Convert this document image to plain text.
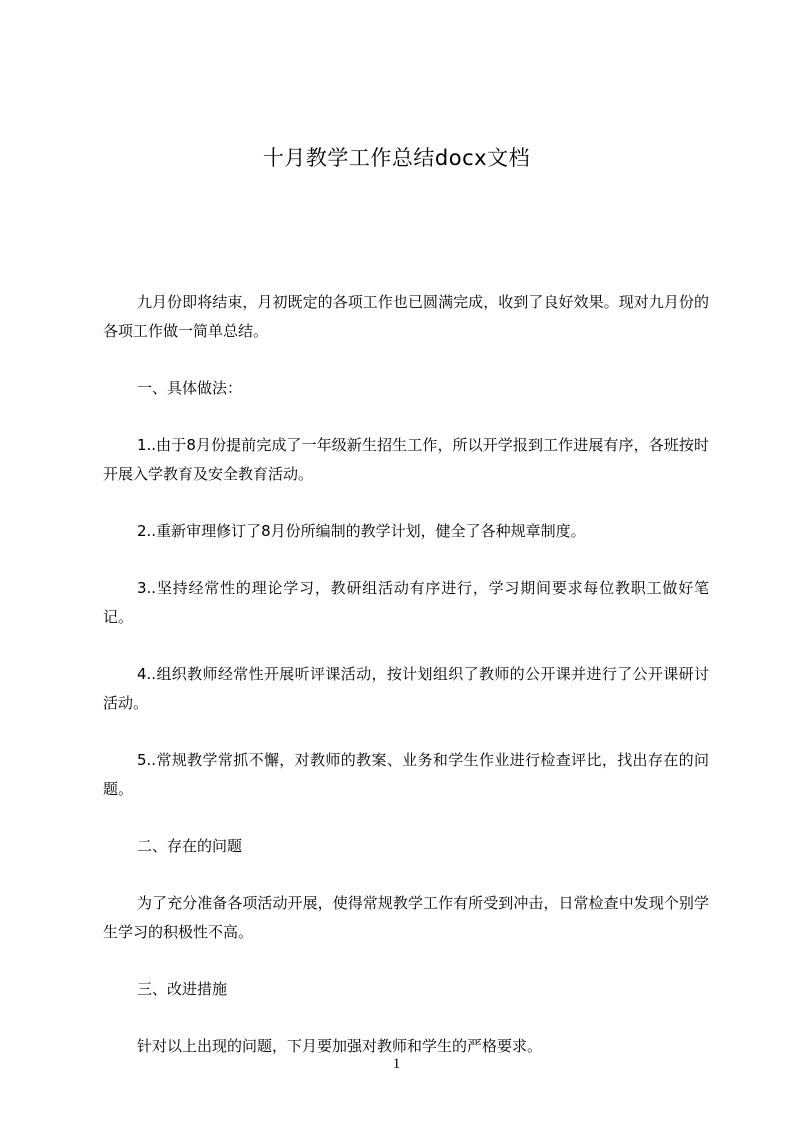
十月教学工作总结docx文档

九月份即将结束，月初既定的各项工作也已圆满完成，收到了良好效果。现对九月份的各项工作做一简单总结。

一、具体做法：

1..由于8月份提前完成了一年级新生招生工作，所以开学报到工作进展有序，各班按时开展入学教育及安全教育活动。

2..重新审理修订了8月份所编制的教学计划，健全了各种规章制度。

3..坚持经常性的理论学习，教研组活动有序进行，学习期间要求每位教职工做好笔记。

4..组织教师经常性开展听评课活动，按计划组织了教师的公开课并进行了公开课研讨活动。

5..常规教学常抓不懈，对教师的教案、业务和学生作业进行检查评比，找出存在的问题。

二、存在的问题

为了充分准备各项活动开展，使得常规教学工作有所受到冲击，日常检查中发现个别学生学习的积极性不高。

三、改进措施

针对以上出现的问题，下月要加强对教师和学生的严格要求。

1
